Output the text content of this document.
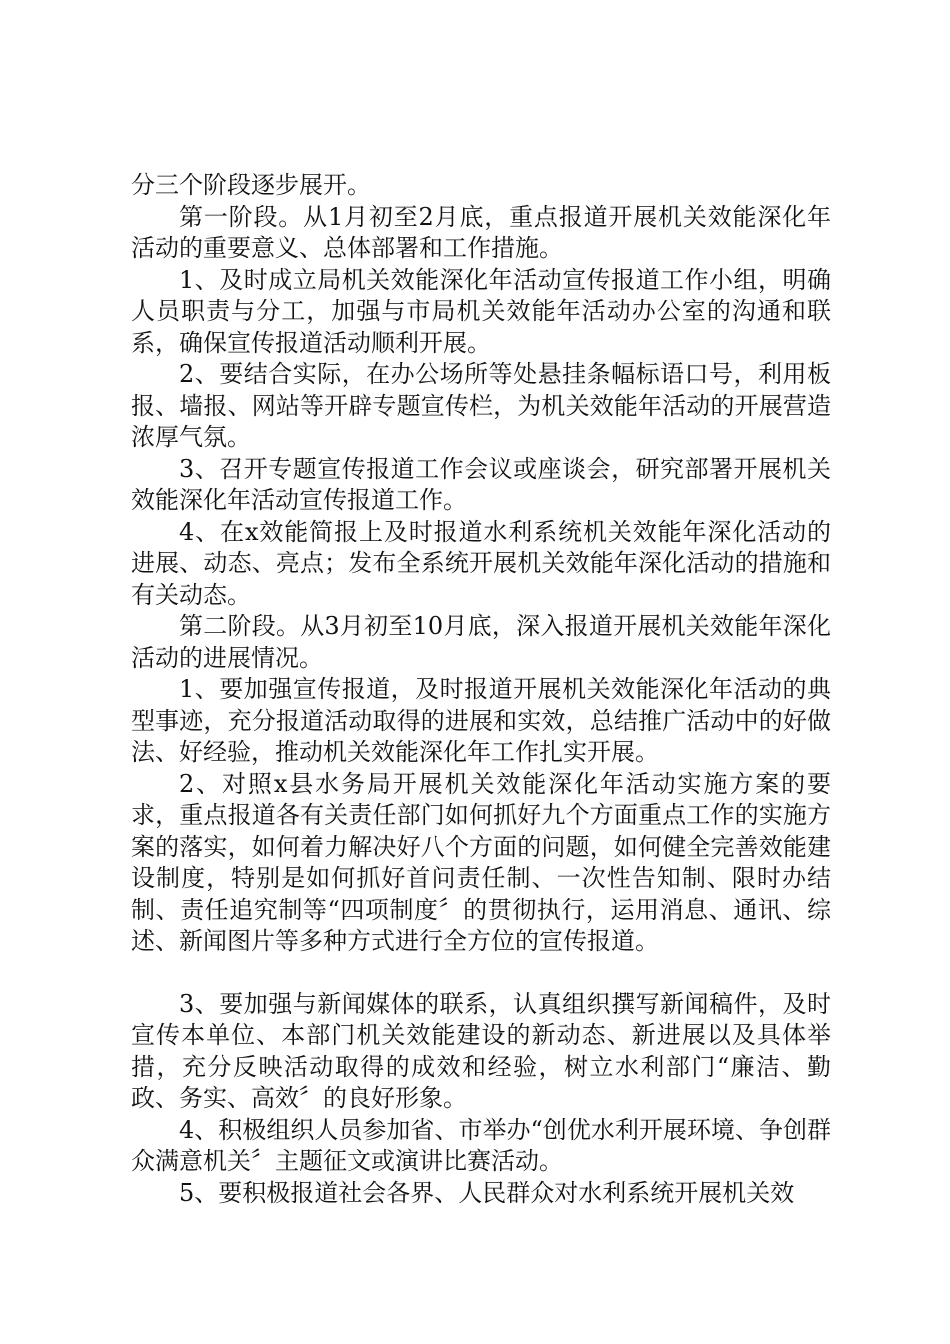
分三个阶段逐步展开。

第一阶段。从1月初至2月底，重点报道开展机关效能深化年活动的重要意义、总体部署和工作措施。

1、及时成立局机关效能深化年活动宣传报道工作小组，明确人员职责与分工，加强与市局机关效能年活动办公室的沟通和联系，确保宣传报道活动顺利开展。

2、要结合实际，在办公场所等处悬挂条幅标语口号，利用板报、墙报、网站等开辟专题宣传栏，为机关效能年活动的开展营造浓厚气氛。

3、召开专题宣传报道工作会议或座谈会，研究部署开展机关效能深化年活动宣传报道工作。

4、在x效能简报上及时报道水利系统机关效能年深化活动的进展、动态、亮点；发布全系统开展机关效能年深化活动的措施和有关动态。

第二阶段。从3月初至10月底，深入报道开展机关效能年深化活动的进展情况。

1、要加强宣传报道，及时报道开展机关效能深化年活动的典型事迹，充分报道活动取得的进展和实效，总结推广活动中的好做法、好经验，推动机关效能深化年工作扎实开展。

2、对照x县水务局开展机关效能深化年活动实施方案的要求，重点报道各有关责任部门如何抓好九个方面重点工作的实施方案的落实，如何着力解决好八个方面的问题，如何健全完善效能建设制度，特别是如何抓好首问责任制、一次性告知制、限时办结制、责任追究制等“四项制度〞的贯彻执行，运用消息、通讯、综述、新闻图片等多种方式进行全方位的宣传报道。

3、要加强与新闻媒体的联系，认真组织撰写新闻稿件，及时宣传本单位、本部门机关效能建设的新动态、新进展以及具体举措，充分反映活动取得的成效和经验，树立水利部门“廉洁、勤政、务实、高效〞的良好形象。

4、积极组织人员参加省、市举办“创优水利开展环境、争创群众满意机关〞主题征文或演讲比赛活动。

5、要积极报道社会各界、人民群众对水利系统开展机关效
